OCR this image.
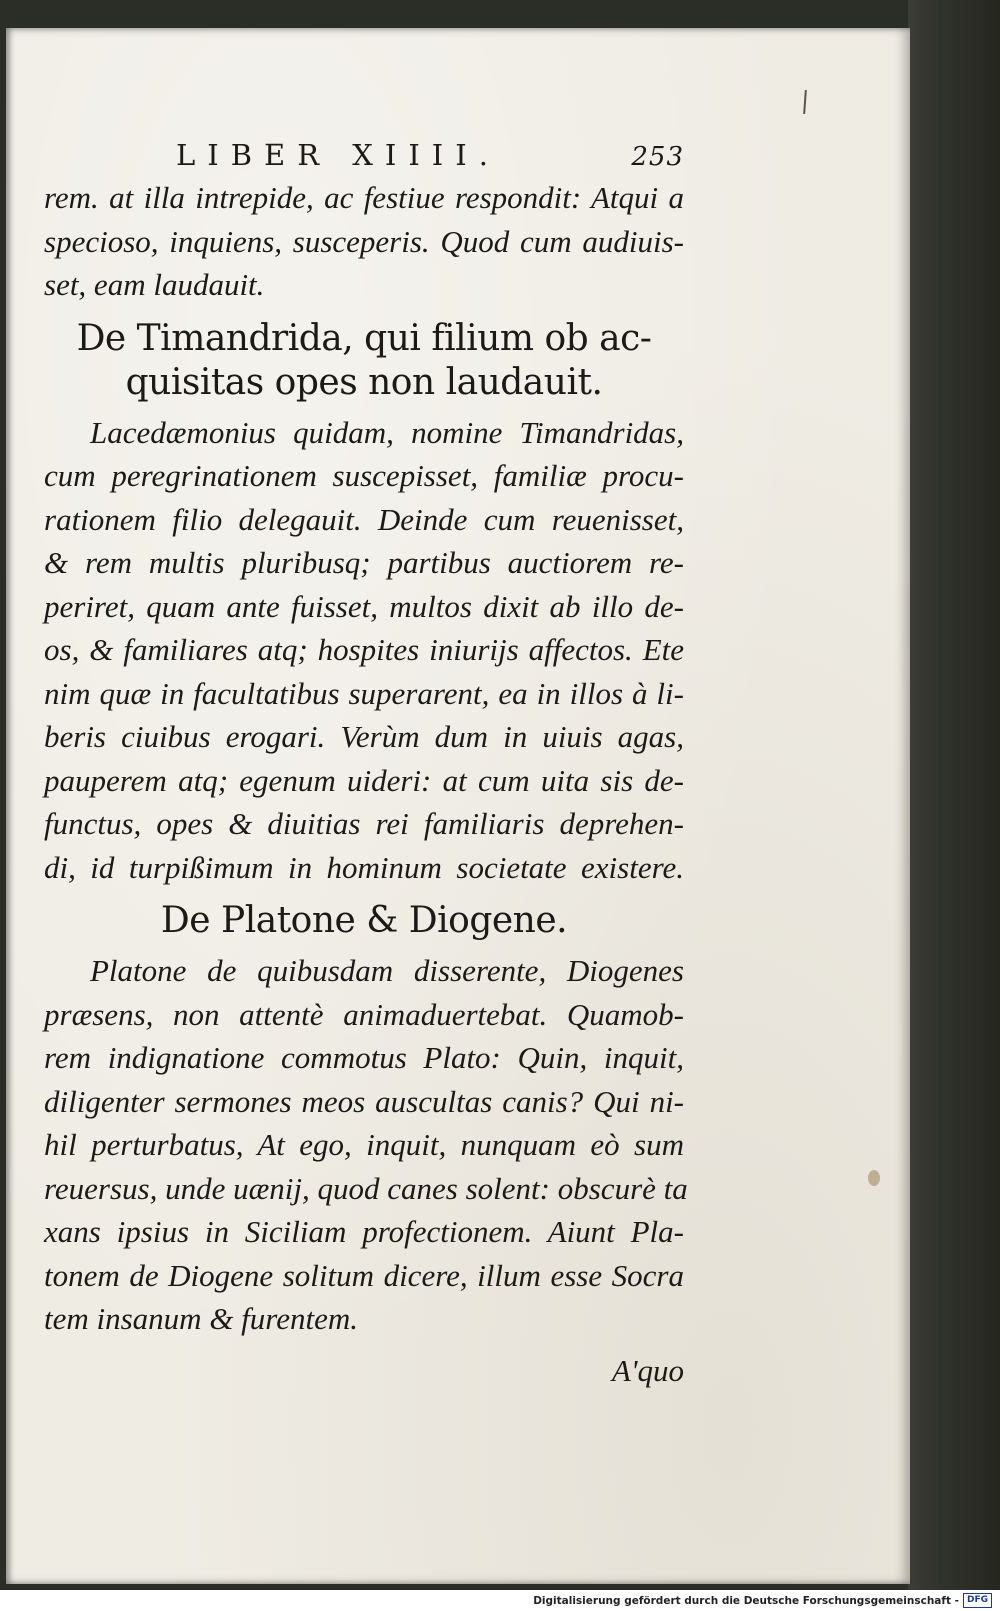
LIBER XIIII.	253

rem. at illa intrepide, ac festiue respondit: Atqui a
specioso, inquiens, susceperis. Quod cum audiuis-
set, eam laudauit.

De Timandrida, qui filium ob ac-
quisitas opes non laudauit.

Lacedæmonius quidam, nomine Timandridas,
cum peregrinationem suscepisset, familiæ procu-
rationem filio delegauit. Deinde cum reuenisset,
& rem multis pluribusq; partibus auctiorem re-
periret, quam ante fuisset, multos dixit ab illo de-
os, & familiares atq; hospites iniurijs affectos. Ete
nim quæ in facultatibus superarent, ea in illos à li-
beris ciuibus erogari. Verùm dum in uiuis agas,
pauperem atq; egenum uideri: at cum uita sis de-
functus, opes & diuitias rei familiaris deprehen-
di, id turpißimum in hominum societate existere.

De Platone & Diogene.

Platone de quibusdam disserente, Diogenes
præsens, non attentè animaduertebat. Quamob-
rem indignatione commotus Plato: Quin, inquit,
diligenter sermones meos auscultas canis? Qui ni-
hil perturbatus, At ego, inquit, nunquam eò sum
reuersus, unde uænij, quod canes solent: obscurè ta
xans ipsius in Siciliam profectionem. Aiunt Pla-
tonem de Diogene solitum dicere, illum esse Socra
tem insanum & furentem.

A'quo
Digitalisierung gefördert durch die Deutsche Forschungsgemeinschaft - DFG
